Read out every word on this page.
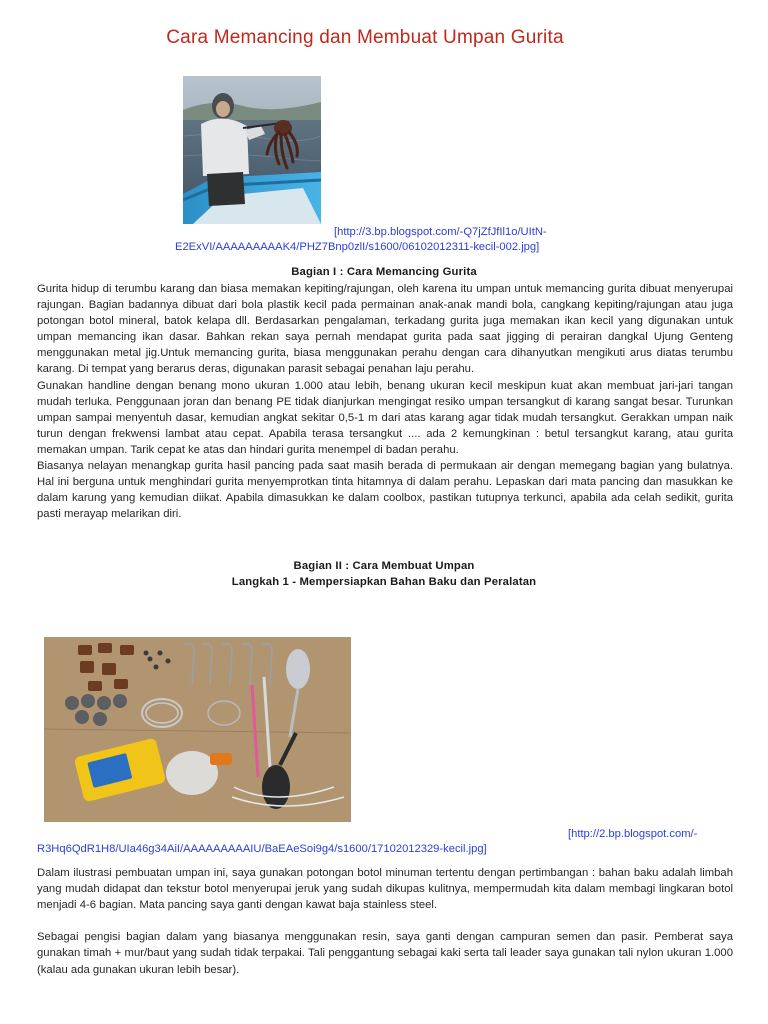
Cara Memancing dan Membuat Umpan Gurita
[http://3.bp.blogspot.com/-Q7jZfJfIl1o/UItN-
E2ExVI/AAAAAAAAAK4/PHZ7Bnp0zlI/s1600/06102012311-kecil-002.jpg]
Bagian I : Cara Memancing Gurita

Gurita hidup di terumbu karang dan biasa memakan kepiting/rajungan, oleh karena itu umpan untuk memancing gurita dibuat menyerupai rajungan. Bagian badannya dibuat dari bola plastik kecil pada permainan anak-anak mandi bola, cangkang kepiting/rajungan atau juga potongan botol mineral, batok kelapa dll. Berdasarkan pengalaman, terkadang gurita juga memakan ikan kecil yang digunakan untuk umpan memancing ikan dasar. Bahkan rekan saya pernah mendapat gurita pada saat jigging di perairan dangkal Ujung Genteng menggunakan metal jig.Untuk memancing gurita, biasa menggunakan perahu dengan cara dihanyutkan mengikuti arus diatas terumbu karang. Di tempat yang berarus deras, digunakan parasit sebagai penahan laju perahu.

Gunakan handline dengan benang mono ukuran 1.000 atau lebih, benang ukuran kecil meskipun kuat akan membuat jari-jari tangan mudah terluka. Penggunaan joran dan benang PE tidak dianjurkan mengingat resiko umpan tersangkut di karang sangat besar. Turunkan umpan sampai menyentuh dasar, kemudian angkat sekitar 0,5-1 m dari atas karang agar tidak mudah tersangkut. Gerakkan umpan naik turun dengan frekwensi lambat atau cepat. Apabila terasa tersangkut .... ada 2 kemungkinan : betul tersangkut karang, atau gurita memakan umpan. Tarik cepat ke atas dan hindari gurita menempel di badan perahu.

Biasanya nelayan menangkap gurita hasil pancing pada saat masih berada di permukaan air dengan memegang bagian yang bulatnya. Hal ini berguna untuk menghindari gurita menyemprotkan tinta hitamnya di dalam perahu. Lepaskan dari mata pancing dan masukkan ke dalam karung yang kemudian diikat. Apabila dimasukkan ke dalam coolbox, pastikan tutupnya terkunci, apabila ada celah sedikit, gurita pasti merayap melarikan diri.

Bagian II : Cara Membuat Umpan
Langkah 1 - Mempersiapkan Bahan Baku dan Peralatan
[http://2.bp.blogspot.com/-
R3Hq6QdR1H8/UIa46g34AiI/AAAAAAAAAIU/BaEAeSoi9g4/s1600/17102012329-kecil.jpg]

Dalam ilustrasi pembuatan umpan ini, saya gunakan potongan botol minuman tertentu dengan pertimbangan : bahan baku adalah limbah yang mudah didapat dan tekstur botol menyerupai jeruk yang sudah dikupas kulitnya, mempermudah kita dalam membagi lingkaran botol menjadi 4-6 bagian. Mata pancing saya ganti dengan kawat baja stainless steel.

Sebagai pengisi bagian dalam yang biasanya menggunakan resin, saya ganti dengan campuran semen dan pasir. Pemberat saya gunakan timah + mur/baut yang sudah tidak terpakai. Tali penggantung sebagai kaki serta tali leader saya gunakan tali nylon ukuran 1.000 (kalau ada gunakan ukuran lebih besar).
